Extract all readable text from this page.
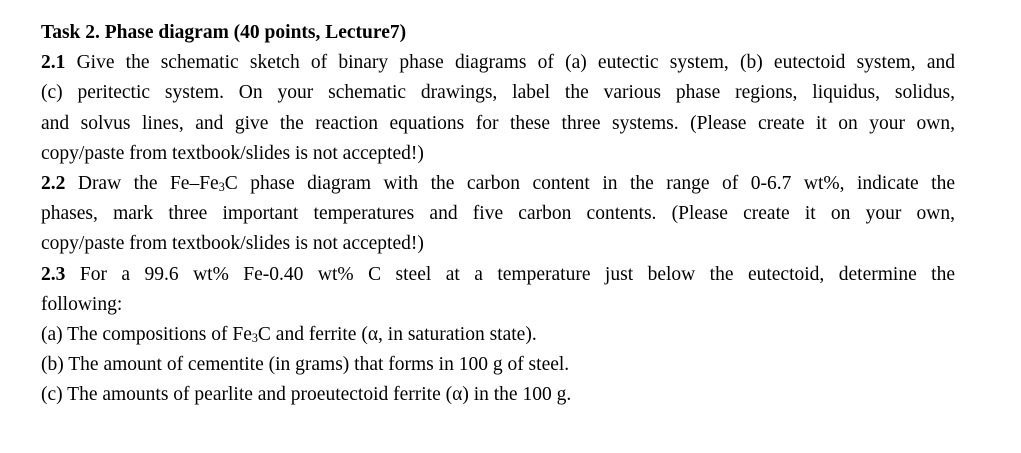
Task 2. Phase diagram (40 points, Lecture7)
2.1 Give the schematic sketch of binary phase diagrams of (a) eutectic system, (b) eutectoid system, and
(c) peritectic system. On your schematic drawings, label the various phase regions, liquidus, solidus,
and solvus lines, and give the reaction equations for these three systems. (Please create it on your own,
copy/paste from textbook/slides is not accepted!)
2.2 Draw the $Fe-Fe_3C$ phase diagram with the carbon content in the range of 0-6.7 wt%, indicate the
phases, mark three important temperatures and five carbon contents. (Please create it on your own,
copy/paste from textbook/slides is not accepted!)
2.3 For a 99.6 wt% Fe-0.40 wt% C steel at a temperature just below the eutectoid, determine the
following:
(a) The compositions of $Fe_3C$ and ferrite (α, in saturation state).
(b) The amount of cementite (in grams) that forms in 100 g of steel.
(c) The amounts of pearlite and proeutectoid ferrite (α) in the 100 g.
